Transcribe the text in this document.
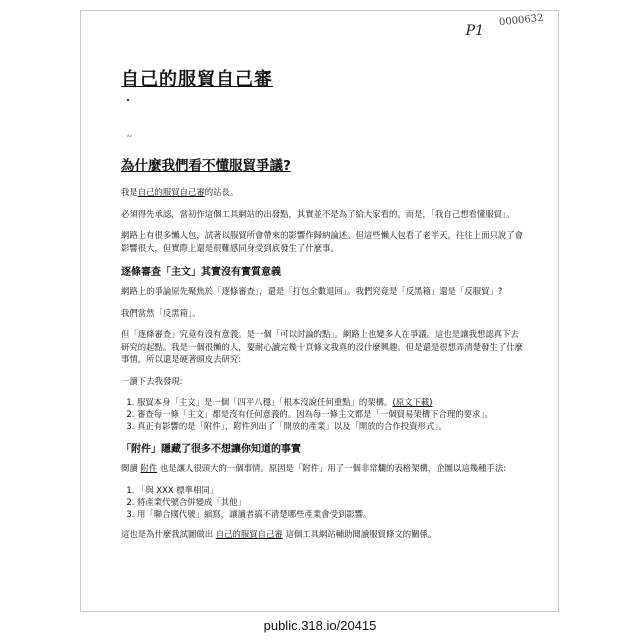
0000632
P1
自己的服貿自己審
ᴬᵛ
為什麼我們看不懂服貿爭議?
我是自己的服貿自己審的站長。
必須得先承認，當初作這個工具網站的出發點，其實並不是為了給大家看的。而是，「我自己想看懂服貿」。
網路上有很多懶人包，試著以服貿所會帶來的影響作歸納論述。但這些懶人包看了老半天，往往上面只說了會影響很大，但實際上還是很難感同身受到底發生了什麼事。
逐條審查「主文」其實沒有實質意義
網路上的爭論原先聚焦於「逐條審查」，還是「打包全數退回」。我們究竟是「反黑箱」還是「反服貿」?
我們當然「反黑箱」。
但「逐條審查」究竟有沒有意義。是一個「可以討論的點」。網路上也變多人在爭議。這也是讓我想認真下去研究的起點。我是一個很懶的人，要耐心讀完幾十頁條文我真的沒什麼興趣。但是還是很想弄清楚發生了什麼事情，所以還是硬著頭皮去研究:
一讀下去我發現:
1. 服貿本身「主文」是一個「四平八穩」「根本沒說任何重點」的架構。(原文下載)
2. 審查每一條「主文」都是沒有任何意義的。因為每一條主文都是「一個貿易架構下合理的要求」。
3. 真正有影響的是「附件」，附件列出了「開放的產業」以及「開放的合作投資形式」。
「附件」隱藏了很多不想讓你知道的事實
閱讀 附件 也是讓人很頭大的一個事情。原因是「附件」用了一個非常爛的表格架構，企圖以這幾種手法:
1. 「與 XXX 標準相同」
2. 將產業代號合併變成「其他」
3. 用「聯合國代號」縮寫，讓讀者搞不清楚哪些產業會受到影響。
這也是為什麼我試圖做出 自己的服貿自己審 這個工具網站輔助閱讀服貿條文的關係。
public.318.io/20415
